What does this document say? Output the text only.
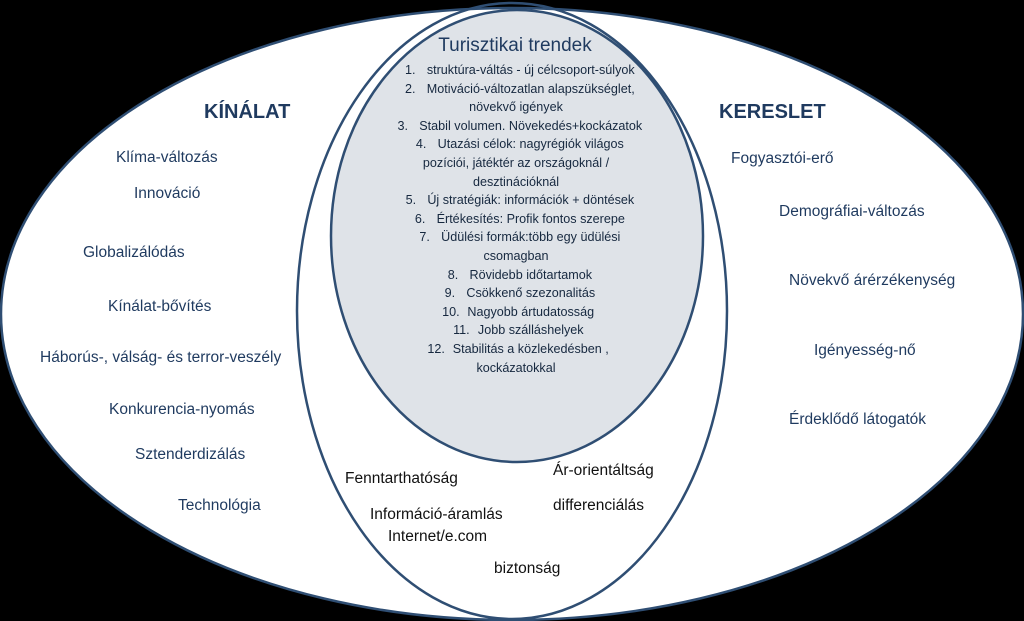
KÍNÁLAT
Klíma-változás
Innováció
Globalizálódás
Kínálat-bővítés
Háborús-, válság- és terror-veszély
Konkurencia-nyomás
Sztenderdizálás
Technológia
KERESLET
Fogyasztói-erő
Demográfiai-változás
Növekvő árérzékenység
Igényesség-nő
Érdeklődő látogatók
Turisztikai trendek
1. struktúra-váltás - új célcsoport-súlyok
2. Motiváció-változatlan alapszükséglet, növekvő igények
3. Stabil volumen. Növekedés+kockázatok
4. Utazási célok: nagyrégiók világos pozíciói, játéktér az országoknál / desztinációknál
5. Új stratégiák: információk + döntések
6. Értékesítés: Profik fontos szerepe
7. Üdülési formák:több egy üdülési csomagban
8. Rövidebb időtartamok
9. Csökkenő szezonalitás
10. Nagyobb ártudatosság
11. Jobb szálláshelyek
12. Stabilitás a közlekedésben , kockázatokkal
Fenntarthatóság	Ár-orientáltság
Információ-áramlás
Internet/e.com
differenciálás
biztonság
